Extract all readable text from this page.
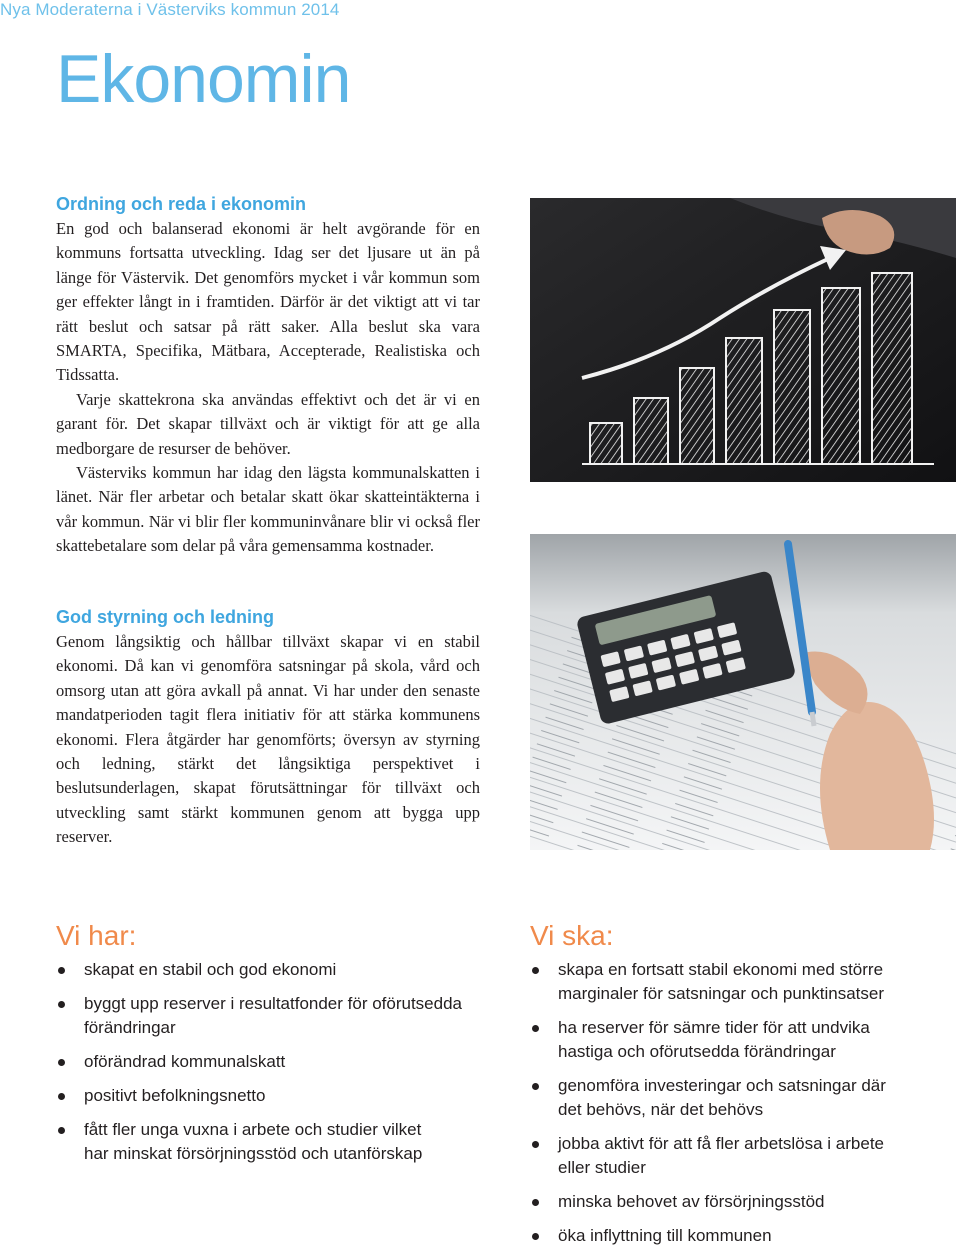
Nya Moderaterna i Västerviks kommun 2014
Ekonomin
Ordning och reda i ekonomin

En god och balanserad ekonomi är helt avgörande för en kommuns fortsatta utveckling. Idag ser det ljusare ut än på länge för Västervik. Det genomförs mycket i vår kommun som ger effekter långt in i framtiden. Därför är det viktigt att vi tar rätt beslut och satsar på rätt saker. Alla beslut ska vara SMARTA, Specifika, Mätbara, Accepterade, Realistiska och Tidssatta.

Varje skattekrona ska användas effektivt och det är vi en garant för. Det skapar tillväxt och är viktigt för att ge alla medborgare de resurser de behöver.

Västerviks kommun har idag den lägsta kommunalskatten i länet. När fler arbetar och betalar skatt ökar skatteintäkterna i vår kommun. När vi blir fler kommuninvånare blir vi också fler skattebetalare som delar på våra gemensamma kostnader.

God styrning och ledning

Genom långsiktig och hållbar tillväxt skapar vi en stabil ekonomi. Då kan vi genomföra satsningar på skola, vård och omsorg utan att göra avkall på annat. Vi har under den senaste mandatperioden tagit flera initiativ för att stärka kommunens ekonomi. Flera åtgärder har genomförts; översyn av styrning och ledning, stärkt det långsiktiga perspektivet i beslutsunderlagen, skapat förutsättningar för tillväxt och utveckling samt stärkt kommunen genom att bygga upp reserver.

Vi har:
skapat en stabil och god ekonomi
byggt upp reserver i resultatfonder för oförutsedda förändringar
oförändrad kommunalskatt
positivt befolkningsnetto
fått fler unga vuxna i arbete och studier vilket har minskat försörjningsstöd och utanförskap
Vi ska:
skapa en fortsatt stabil ekonomi med större marginaler för satsningar och punktinsatser
ha reserver för sämre tider för att undvika hastiga och oförutsedda förändringar
genomföra investeringar och satsningar där det behövs, när det behövs
jobba aktivt för att få fler arbetslösa i arbete eller studier
minska behovet av försörjningsstöd
öka inflyttning till kommunen
